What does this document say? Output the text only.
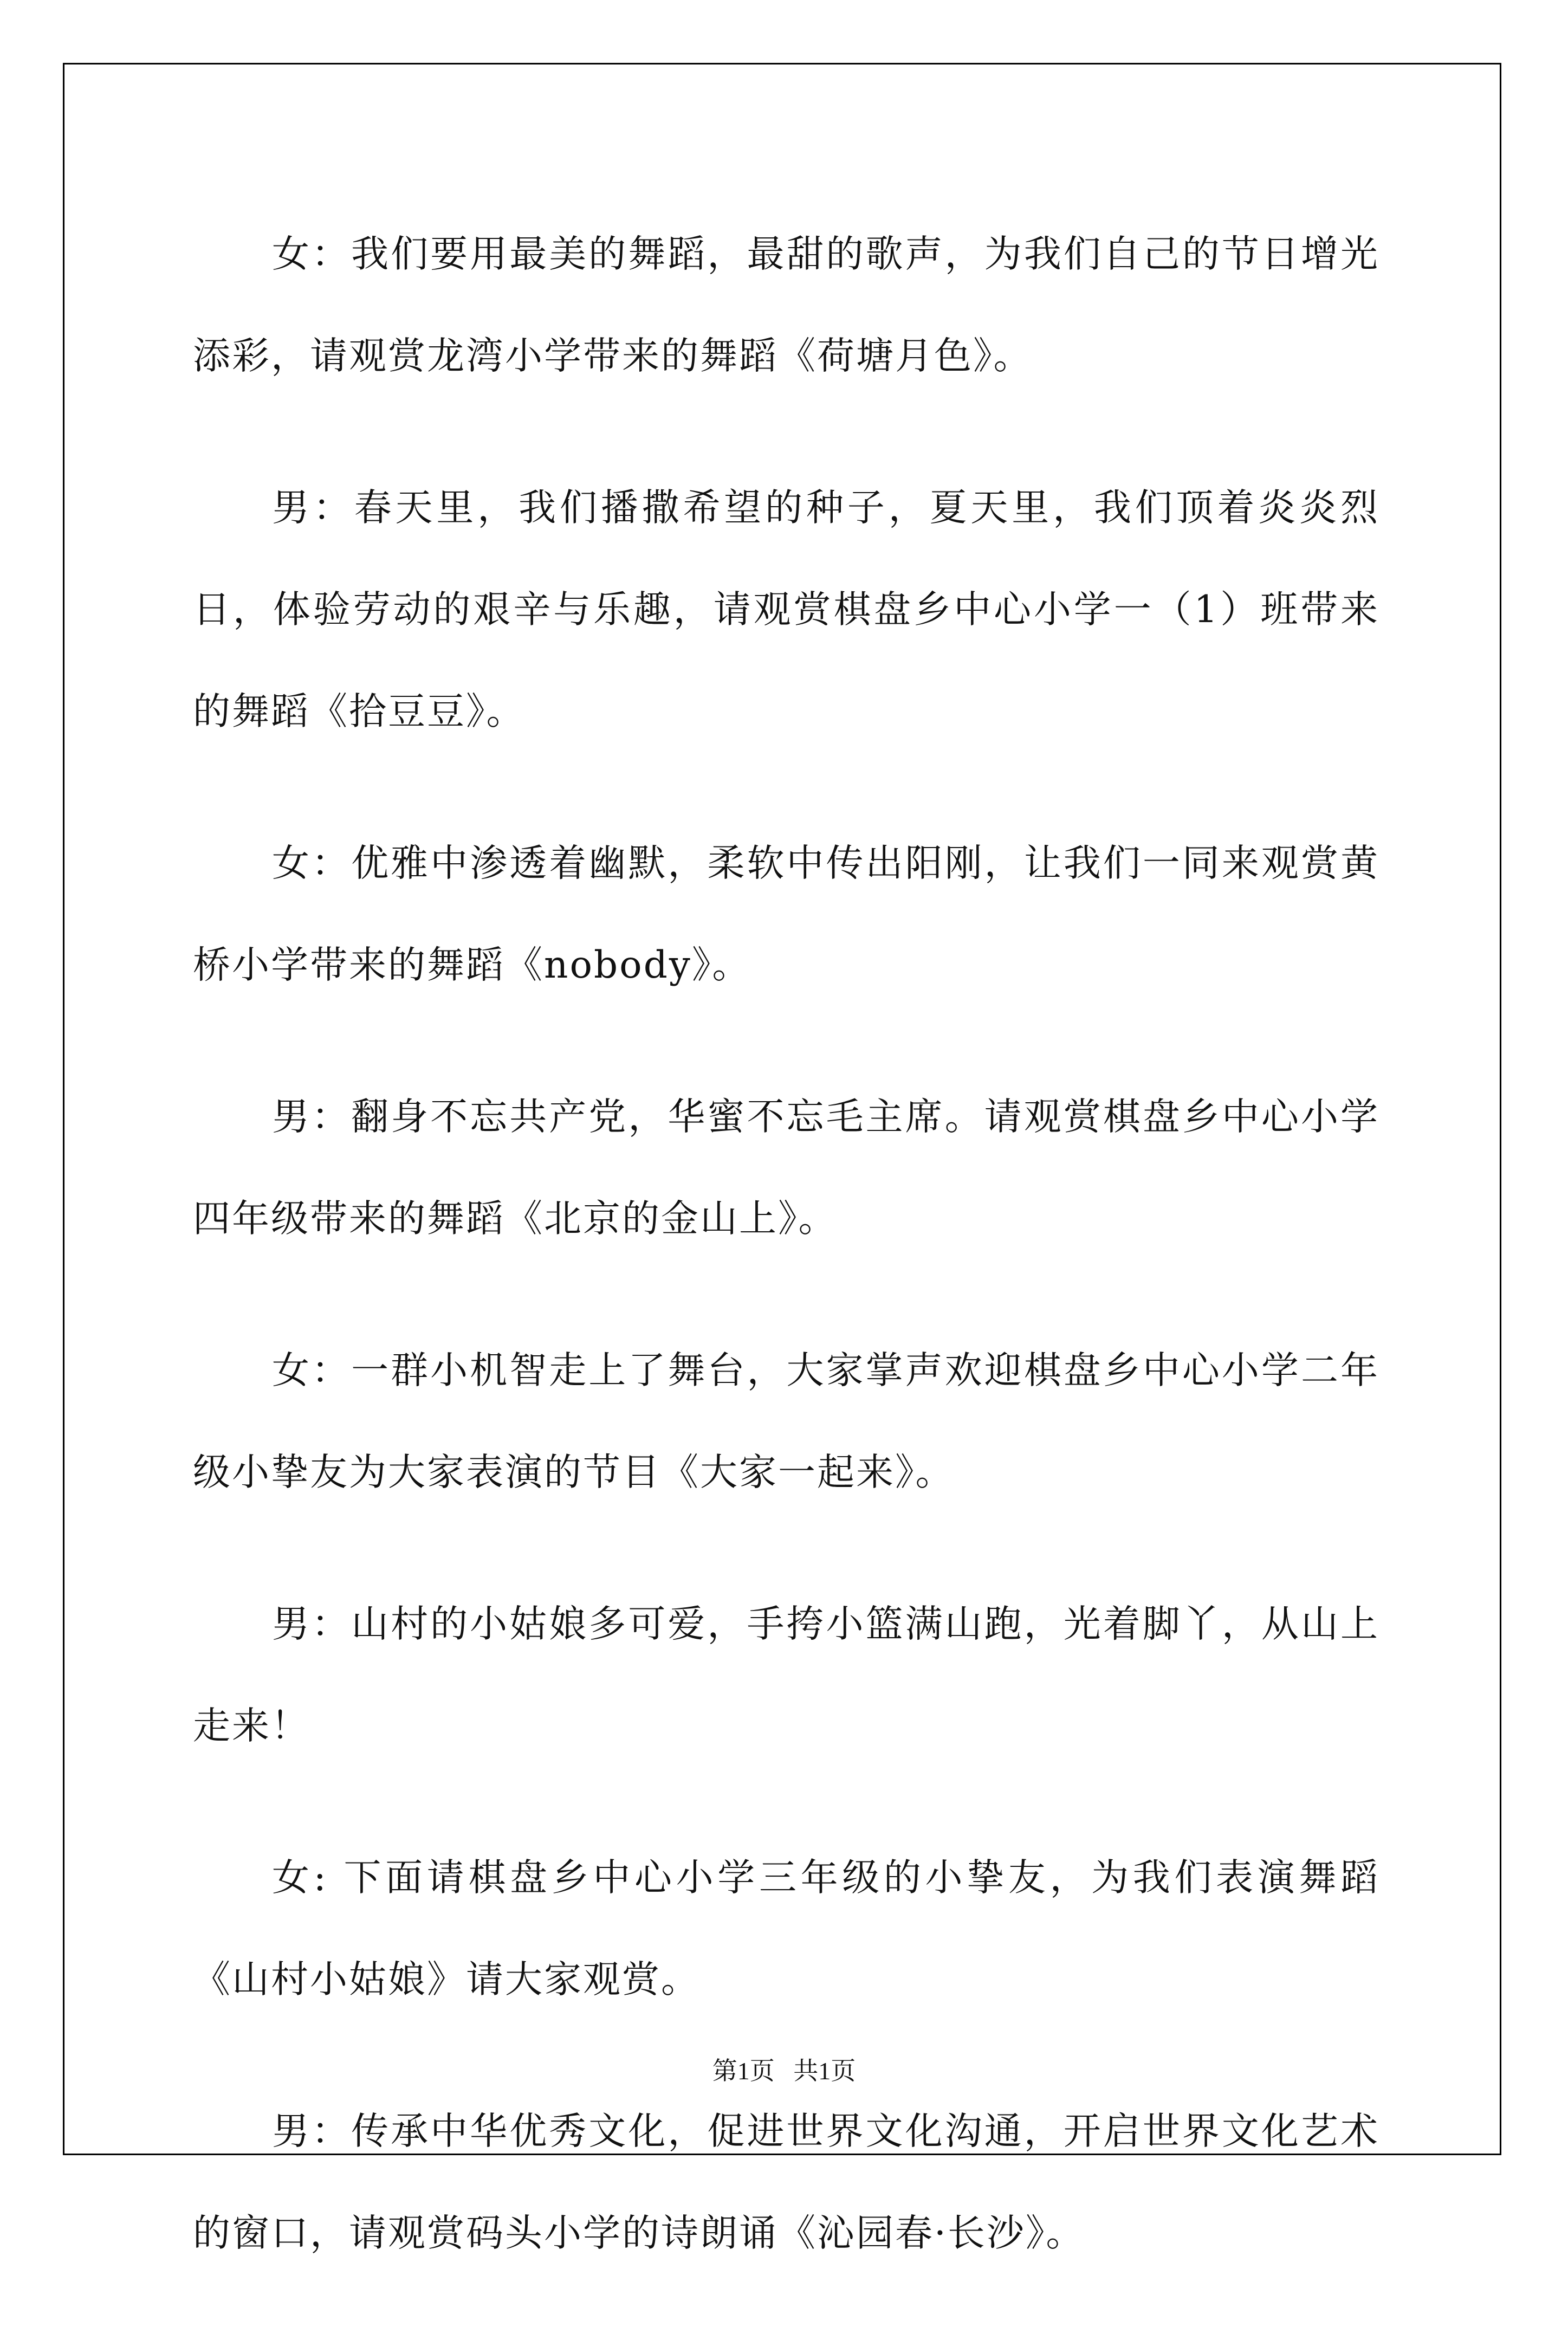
女：我们要用最美的舞蹈，最甜的歌声，为我们自己的节日增光添彩，请观赏龙湾小学带来的舞蹈《荷塘月色》。

男：春天里，我们播撒希望的种子，夏天里，我们顶着炎炎烈日，体验劳动的艰辛与乐趣，请观赏棋盘乡中心小学一（1）班带来的舞蹈《拾豆豆》。

女：优雅中渗透着幽默，柔软中传出阳刚，让我们一同来观赏黄桥小学带来的舞蹈《nobody》。

男：翻身不忘共产党，华蜜不忘毛主席。请观赏棋盘乡中心小学四年级带来的舞蹈《北京的金山上》。

女：一群小机智走上了舞台，大家掌声欢迎棋盘乡中心小学二年级小挚友为大家表演的节目《大家一起来》。

男：山村的小姑娘多可爱，手挎小篮满山跑，光着脚丫，从山上走来！

女: 下面请棋盘乡中心小学三年级的小挚友，为我们表演舞蹈《山村小姑娘》请大家观赏。

男：传承中华优秀文化，促进世界文化沟通，开启世界文化艺术的窗口，请观赏码头小学的诗朗诵《沁园春·长沙》。

第1页   共1页
